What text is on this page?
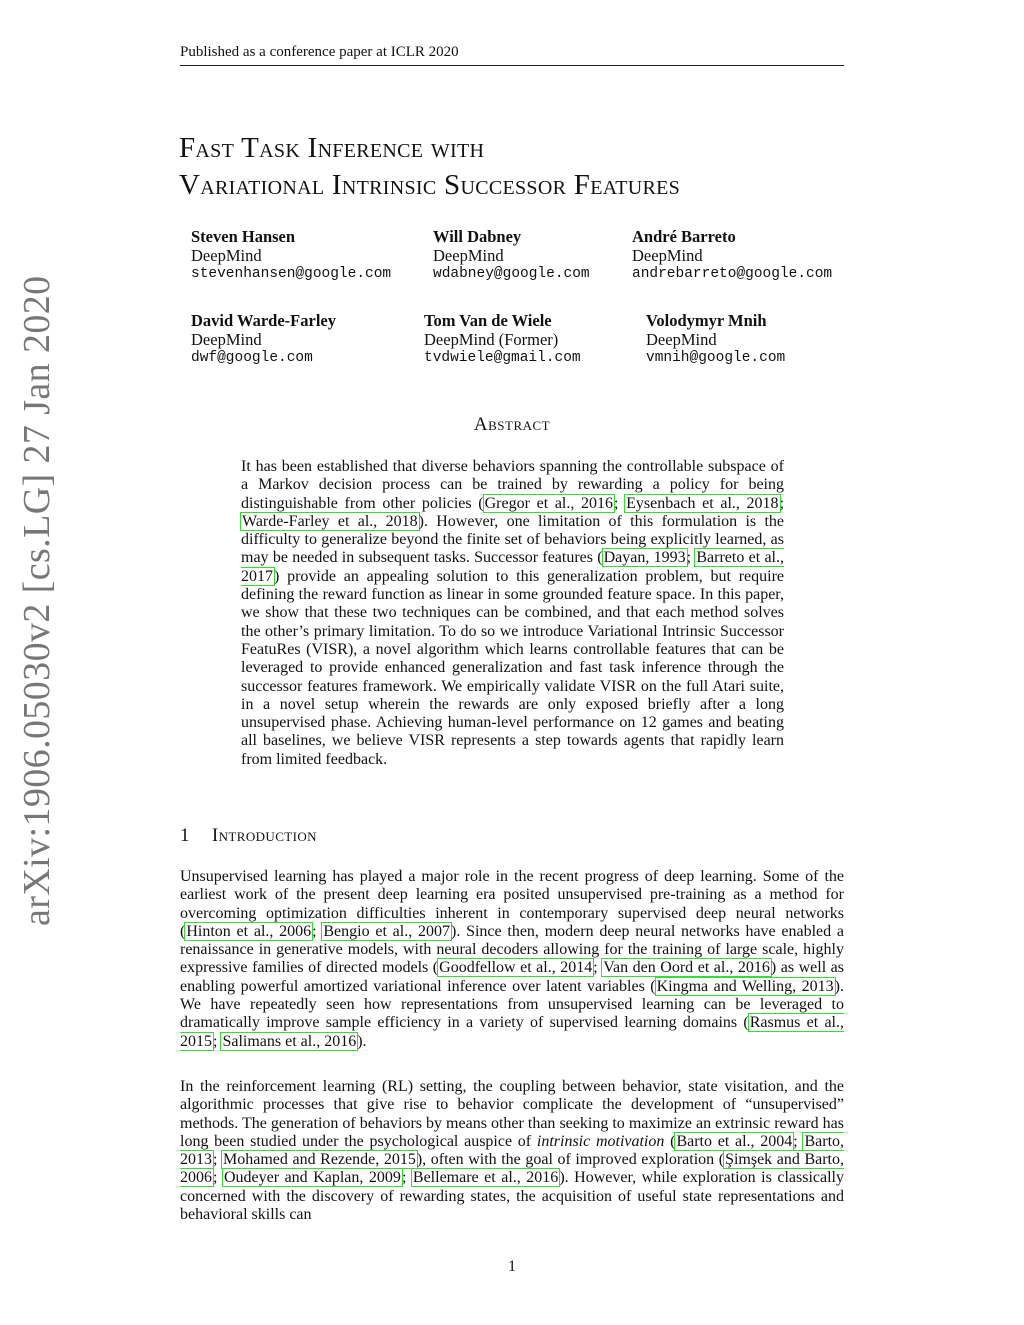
Published as a conference paper at ICLR 2020
Fast Task Inference with
Variational Intrinsic Successor Features
Steven Hansen
DeepMind
stevenhansen@google.com
Will Dabney
DeepMind
wdabney@google.com
André Barreto
DeepMind
andrebarreto@google.com
David Warde-Farley
DeepMind
dwf@google.com
Tom Van de Wiele
DeepMind (Former)
tvdwiele@gmail.com
Volodymyr Mnih
DeepMind
vmnih@google.com
Abstract
It has been established that diverse behaviors spanning the controllable subspace of a Markov decision process can be trained by rewarding a policy for being distinguishable from other policies (Gregor et al., 2016; Eysenbach et al., 2018; Warde-Farley et al., 2018). However, one limitation of this formulation is the difficulty to generalize beyond the finite set of behaviors being explicitly learned, as may be needed in subsequent tasks. Successor features (Dayan, 1993; Barreto et al., 2017) provide an appealing solution to this generalization problem, but require defining the reward function as linear in some grounded feature space. In this paper, we show that these two techniques can be combined, and that each method solves the other’s primary limitation. To do so we introduce Variational Intrinsic Successor FeatuRes (VISR), a novel algorithm which learns controllable features that can be leveraged to provide enhanced generalization and fast task inference through the successor features framework. We empirically validate VISR on the full Atari suite, in a novel setup wherein the rewards are only exposed briefly after a long unsupervised phase. Achieving human-level performance on 12 games and beating all baselines, we believe VISR represents a step towards agents that rapidly learn from limited feedback.
1 Introduction
Unsupervised learning has played a major role in the recent progress of deep learning. Some of the earliest work of the present deep learning era posited unsupervised pre-training as a method for overcoming optimization difficulties inherent in contemporary supervised deep neural networks (Hinton et al., 2006; Bengio et al., 2007). Since then, modern deep neural networks have enabled a renaissance in generative models, with neural decoders allowing for the training of large scale, highly expressive families of directed models (Goodfellow et al., 2014; Van den Oord et al., 2016) as well as enabling powerful amortized variational inference over latent variables (Kingma and Welling, 2013). We have repeatedly seen how representations from unsupervised learning can be leveraged to dramatically improve sample efficiency in a variety of supervised learning domains (Rasmus et al., 2015; Salimans et al., 2016).
In the reinforcement learning (RL) setting, the coupling between behavior, state visitation, and the algorithmic processes that give rise to behavior complicate the development of “unsupervised” methods. The generation of behaviors by means other than seeking to maximize an extrinsic reward has long been studied under the psychological auspice of intrinsic motivation (Barto et al., 2004; Barto, 2013; Mohamed and Rezende, 2015), often with the goal of improved exploration (Şimşek and Barto, 2006; Oudeyer and Kaplan, 2009; Bellemare et al., 2016). However, while exploration is classically concerned with the discovery of rewarding states, the acquisition of useful state representations and behavioral skills can
arXiv:1906.05030v2 [cs.LG] 27 Jan 2020
1
